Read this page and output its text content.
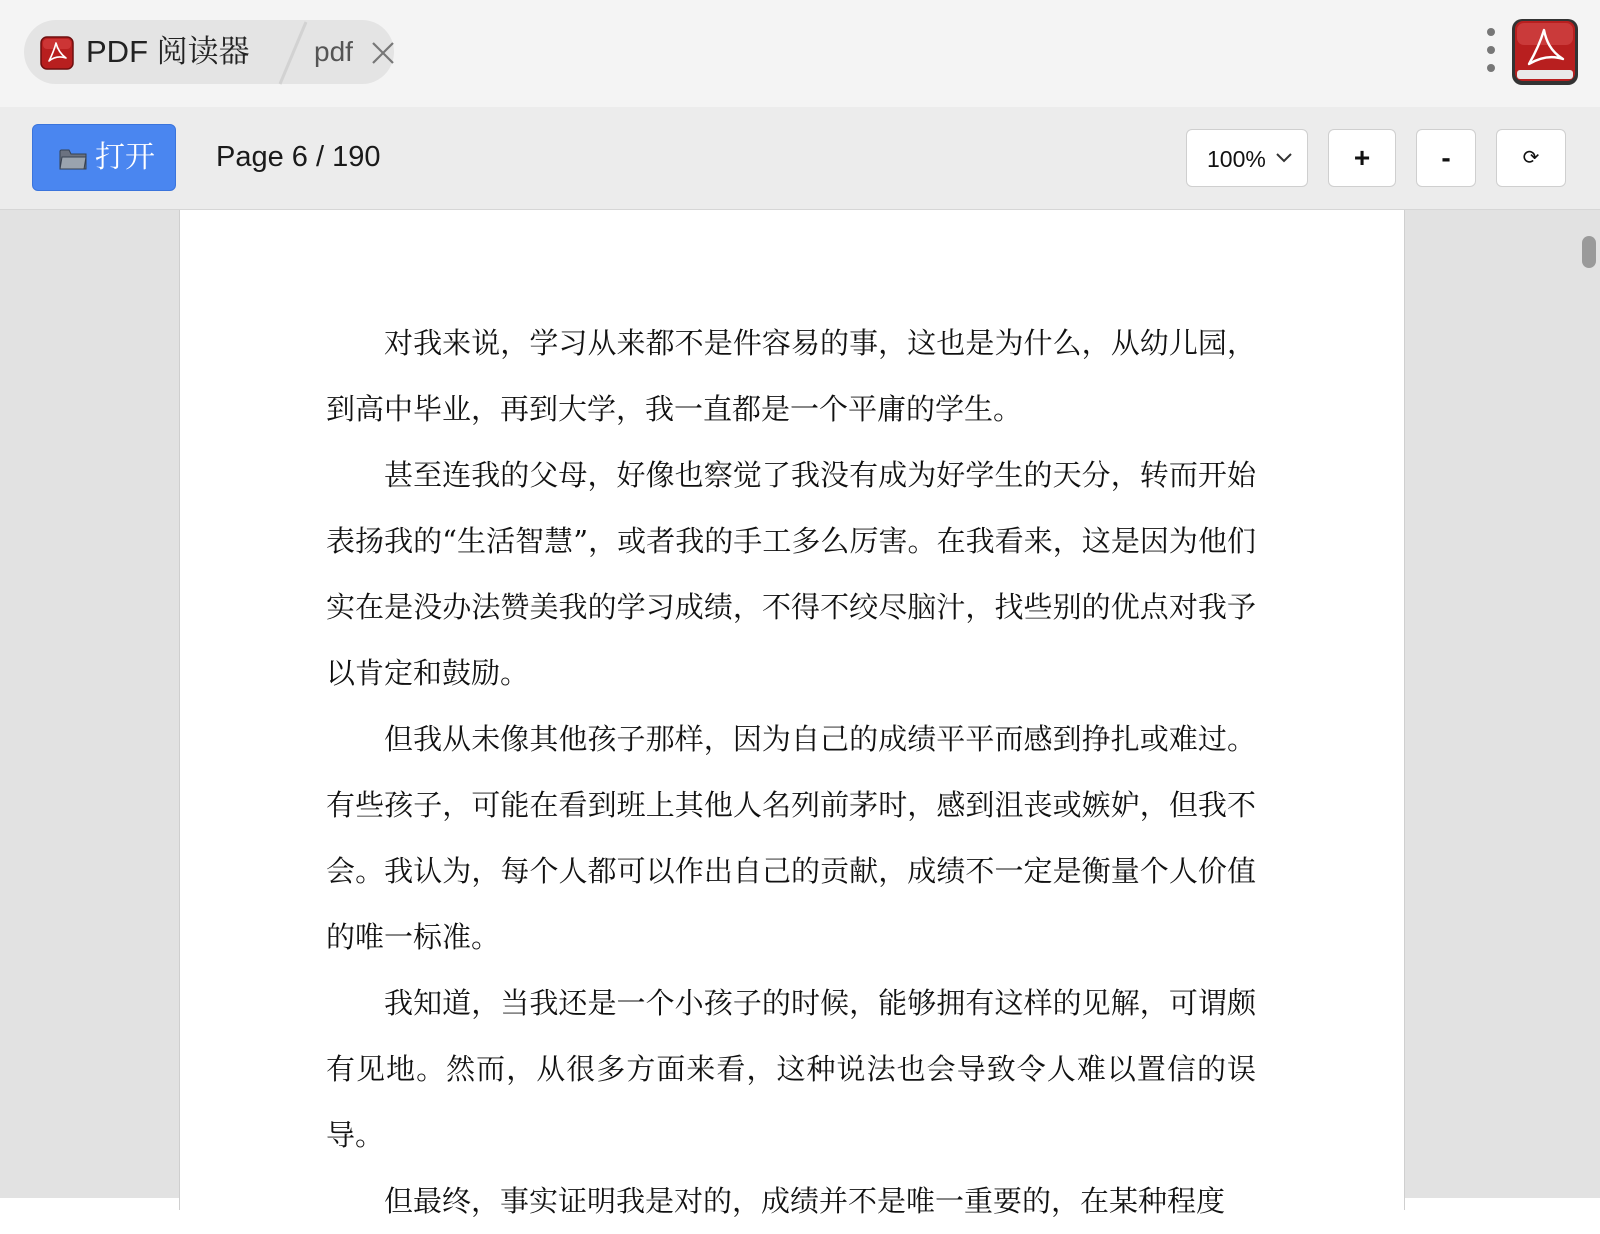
PDF 阅读器 pdf
打开 Page 6 / 190	100%	+	-	⟳

对我来说，学习从来都不是件容易的事，这也是为什么，从幼儿园，到高中毕业，再到大学，我一直都是一个平庸的学生。

甚至连我的父母，好像也察觉了我没有成为好学生的天分，转而开始表扬我的“生活智慧”，或者我的手工多么厉害。在我看来，这是因为他们实在是没办法赞美我的学习成绩，不得不绞尽脑汁，找些别的优点对我予以肯定和鼓励。

但我从未像其他孩子那样，因为自己的成绩平平而感到挣扎或难过。有些孩子，可能在看到班上其他人名列前茅时，感到沮丧或嫉妒，但我不会。我认为，每个人都可以作出自己的贡献，成绩不一定是衡量个人价值的唯一标准。

我知道，当我还是一个小孩子的时候，能够拥有这样的见解，可谓颇有见地。然而，从很多方面来看，这种说法也会导致令人难以置信的误导。

但最终，事实证明我是对的，成绩并不是唯一重要的，在某种程度
